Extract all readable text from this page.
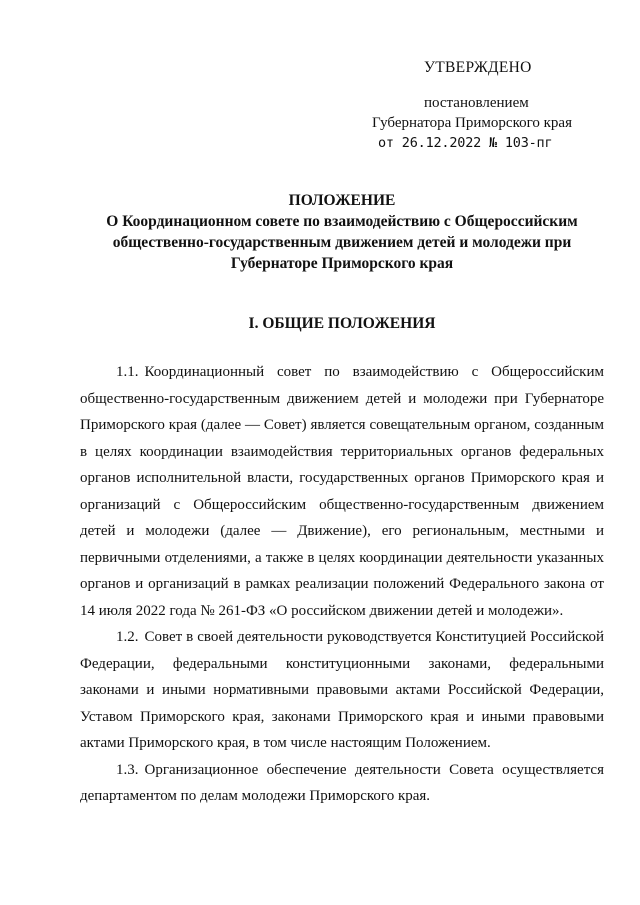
УТВЕРЖДЕНО
постановлением
Губернатора Приморского края
от 26.12.2022 № 103-пг
ПОЛОЖЕНИЕ
О Координационном совете по взаимодействию с Общероссийским общественно-государственным движением детей и молодежи при Губернаторе Приморского края
I. ОБЩИЕ ПОЛОЖЕНИЯ

1.1. Координационный совет по взаимодействию с Общероссийским общественно-государственным движением детей и молодежи при Губернаторе Приморского края (далее — Совет) является совещательным органом, созданным в целях координации взаимодействия территориальных органов федеральных органов исполнительной власти, государственных органов Приморского края и организаций с Общероссийским общественно-государственным движением детей и молодежи (далее — Движение), его региональным, местными и первичными отделениями, а также в целях координации деятельности указанных органов и организаций в рамках реализации положений Федерального закона от 14 июля 2022 года № 261-ФЗ «О российском движении детей и молодежи».

1.2. Совет в своей деятельности руководствуется Конституцией Российской Федерации, федеральными конституционными законами, федеральными законами и иными нормативными правовыми актами Российской Федерации, Уставом Приморского края, законами Приморского края и иными правовыми актами Приморского края, в том числе настоящим Положением.

1.3. Организационное обеспечение деятельности Совета осуществляется департаментом по делам молодежи Приморского края.
